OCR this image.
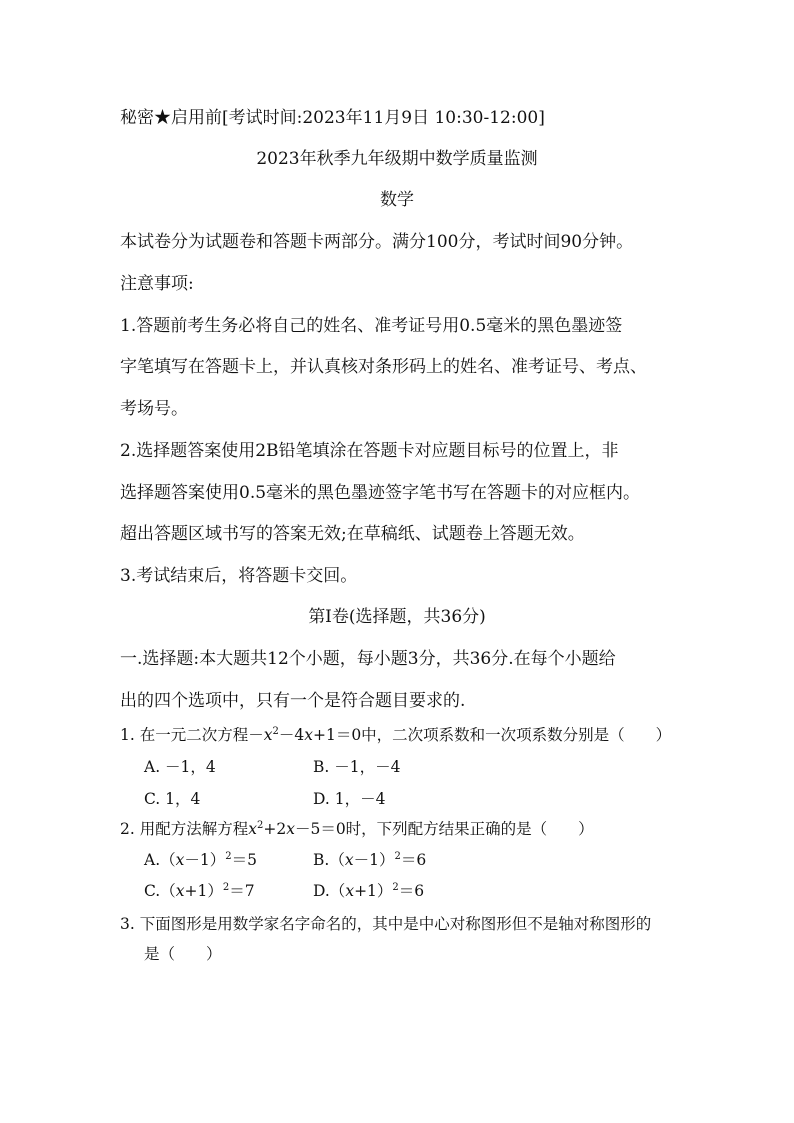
秘密★启用前[考试时间:2023年11月9日 10:30-12:00]
2023年秋季九年级期中数学质量监测
数学
本试卷分为试题卷和答题卡两部分。满分100分，考试时间90分钟。
注意事项:
1.答题前考生务必将自己的姓名、准考证号用0.5毫米的黑色墨迹签
字笔填写在答题卡上，并认真核对条形码上的姓名、准考证号、考点、
考场号。
2.选择题答案使用2B铅笔填涂在答题卡对应题目标号的位置上，非
选择题答案使用0.5毫米的黑色墨迹签字笔书写在答题卡的对应框内。
超出答题区域书写的答案无效;在草稿纸、试题卷上答题无效。
3.考试结束后，将答题卡交回。
第Ⅰ卷(选择题，共36分)
一.选择题:本大题共12个小题，每小题3分，共36分.在每个小题给
出的四个选项中，只有一个是符合题目要求的.
1. 在一元二次方程$-x^2-4x+1=0$中，二次项系数和一次项系数分别是（　　）
A. －1，4	B. －1，－4
C. 1，4	D. 1，－4
2. 用配方法解方程$x^2+2x-5=0$时，下列配方结果正确的是（　　）
$A.(x-1)^2=5$	$B.(x-1)^2=6$
$C.(x+1)^2=7$	$D.(x+1)^2=6$
3. 下面图形是用数学家名字命名的，其中是中心对称图形但不是轴对称图形的
是（　　）
